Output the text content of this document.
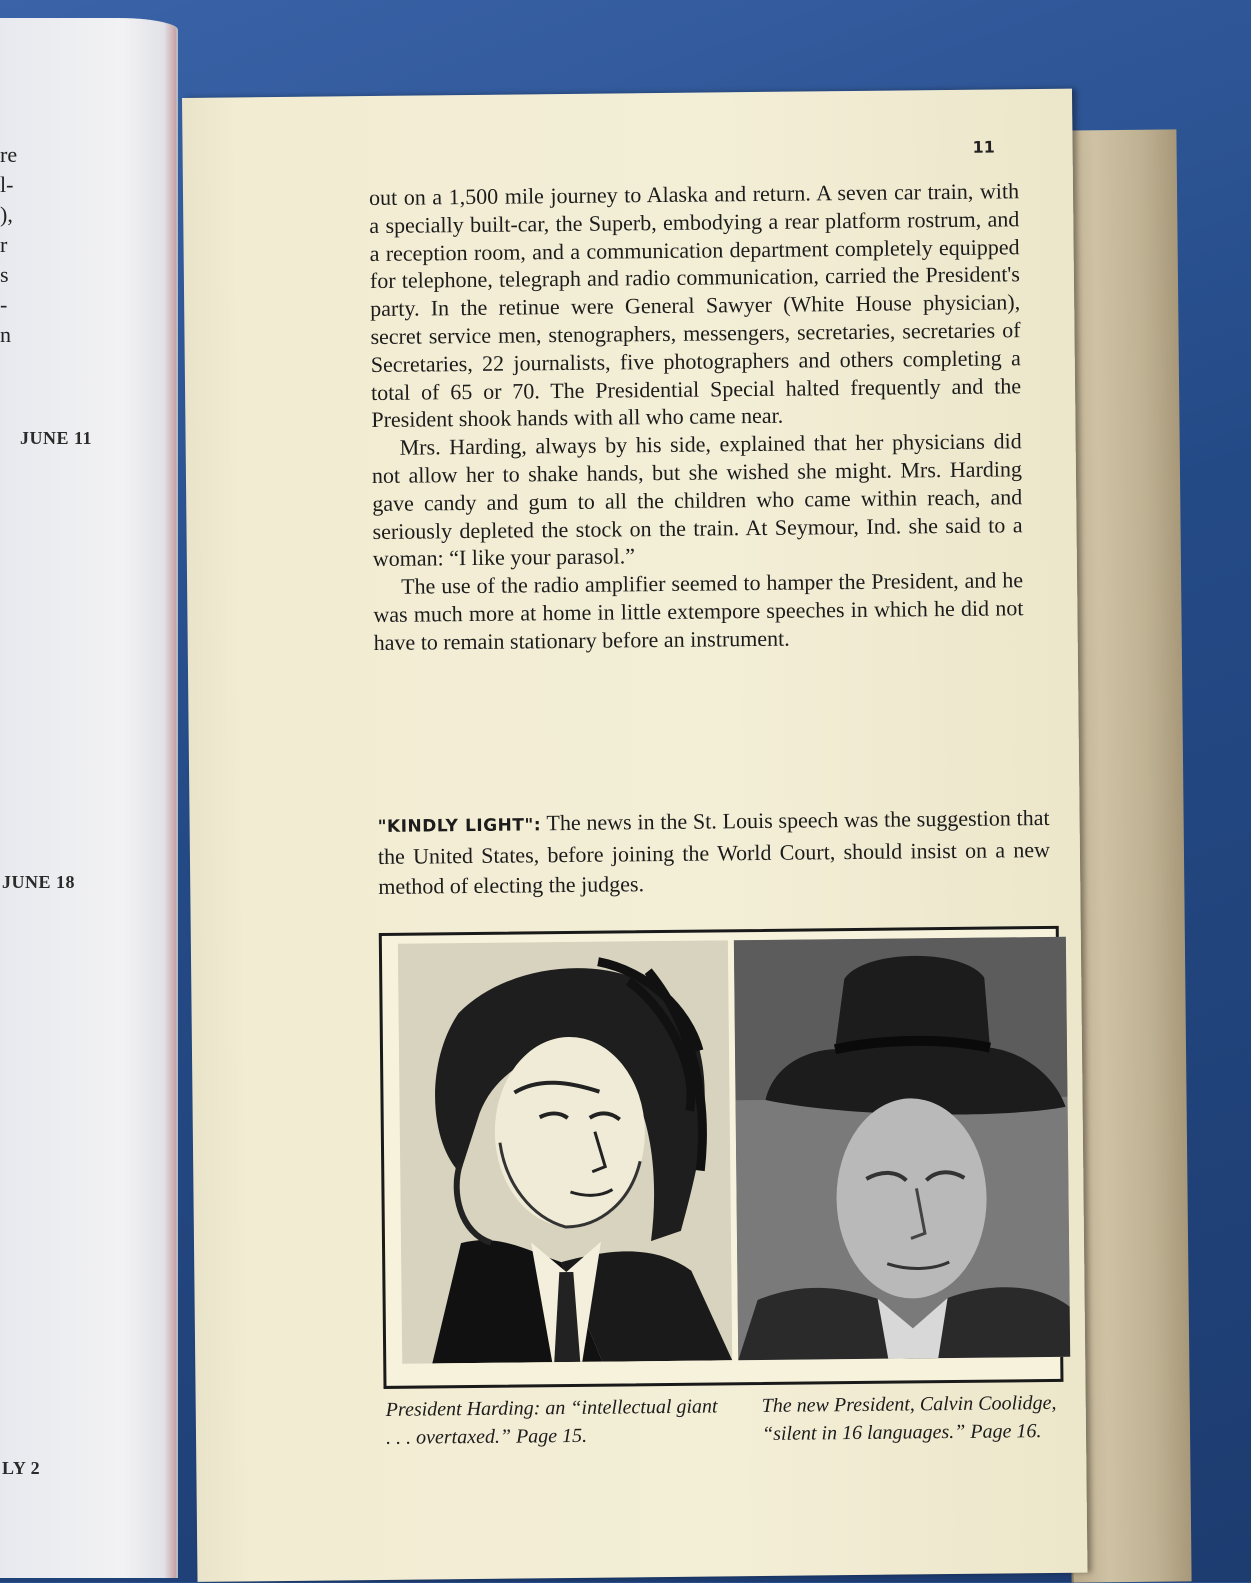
re
l-
),
r
s
-
n
JUNE 11
JUNE 18
LY 2
11

out on a 1,500 mile journey to Alaska and return. A seven car train, with a specially built-car, the Superb, embodying a rear platform rostrum, and a reception room, and a communication department completely equipped for telephone, telegraph and radio communication, carried the President's party. In the retinue were General Sawyer (White House physician), secret service men, stenographers, messengers, secretaries, secretaries of Secretaries, 22 journalists, five photographers and others completing a total of 65 or 70. The Presidential Special halted frequently and the President shook hands with all who came near.

Mrs. Harding, always by his side, explained that her physicians did not allow her to shake hands, but she wished she might. Mrs. Harding gave candy and gum to all the children who came within reach, and seriously depleted the stock on the train. At Seymour, Ind. she said to a woman: “I like your parasol.”

The use of the radio amplifier seemed to hamper the President, and he was much more at home in little extempore speeches in which he did not have to remain stationary before an instrument.

"KINDLY LIGHT": The news in the St. Louis speech was the suggestion that the United States, before joining the World Court, should insist on a new method of electing the judges.
President Harding: an “intellectual giant . . . overtaxed.” Page 15.
The new President, Calvin Coolidge, “silent in 16 languages.” Page 16.
